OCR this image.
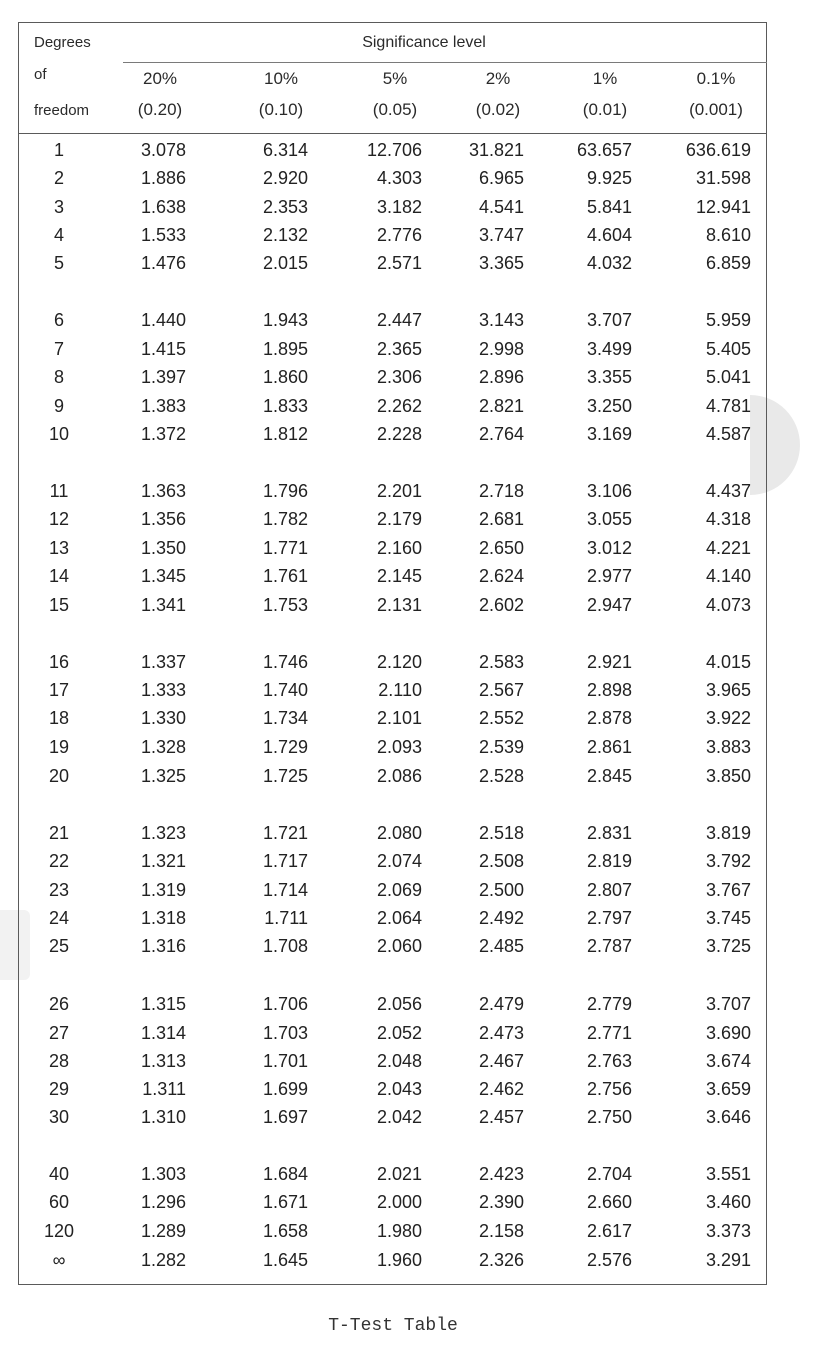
Degrees
of
freedom
Significance level
20%	10%	5%	2%	1%	0.1%
(0.20)	(0.10)	(0.05)	(0.02)	(0.01)	(0.001)
1	3.078	6.314	12.706	31.821	63.657	636.619
2	1.886	2.920	4.303	6.965	9.925	31.598
3	1.638	2.353	3.182	4.541	5.841	12.941
4	1.533	2.132	2.776	3.747	4.604	8.610
5	1.476	2.015	2.571	3.365	4.032	6.859
6	1.440	1.943	2.447	3.143	3.707	5.959
7	1.415	1.895	2.365	2.998	3.499	5.405
8	1.397	1.860	2.306	2.896	3.355	5.041
9	1.383	1.833	2.262	2.821	3.250	4.781
10	1.372	1.812	2.228	2.764	3.169	4.587
11	1.363	1.796	2.201	2.718	3.106	4.437
12	1.356	1.782	2.179	2.681	3.055	4.318
13	1.350	1.771	2.160	2.650	3.012	4.221
14	1.345	1.761	2.145	2.624	2.977	4.140
15	1.341	1.753	2.131	2.602	2.947	4.073
16	1.337	1.746	2.120	2.583	2.921	4.015
17	1.333	1.740	2.110	2.567	2.898	3.965
18	1.330	1.734	2.101	2.552	2.878	3.922
19	1.328	1.729	2.093	2.539	2.861	3.883
20	1.325	1.725	2.086	2.528	2.845	3.850
21	1.323	1.721	2.080	2.518	2.831	3.819
22	1.321	1.717	2.074	2.508	2.819	3.792
23	1.319	1.714	2.069	2.500	2.807	3.767
24	1.318	1.711	2.064	2.492	2.797	3.745
25	1.316	1.708	2.060	2.485	2.787	3.725
26	1.315	1.706	2.056	2.479	2.779	3.707
27	1.314	1.703	2.052	2.473	2.771	3.690
28	1.313	1.701	2.048	2.467	2.763	3.674
29	1.311	1.699	2.043	2.462	2.756	3.659
30	1.310	1.697	2.042	2.457	2.750	3.646
40	1.303	1.684	2.021	2.423	2.704	3.551
60	1.296	1.671	2.000	2.390	2.660	3.460
120	1.289	1.658	1.980	2.158	2.617	3.373
∞	1.282	1.645	1.960	2.326	2.576	3.291
T-Test Table
